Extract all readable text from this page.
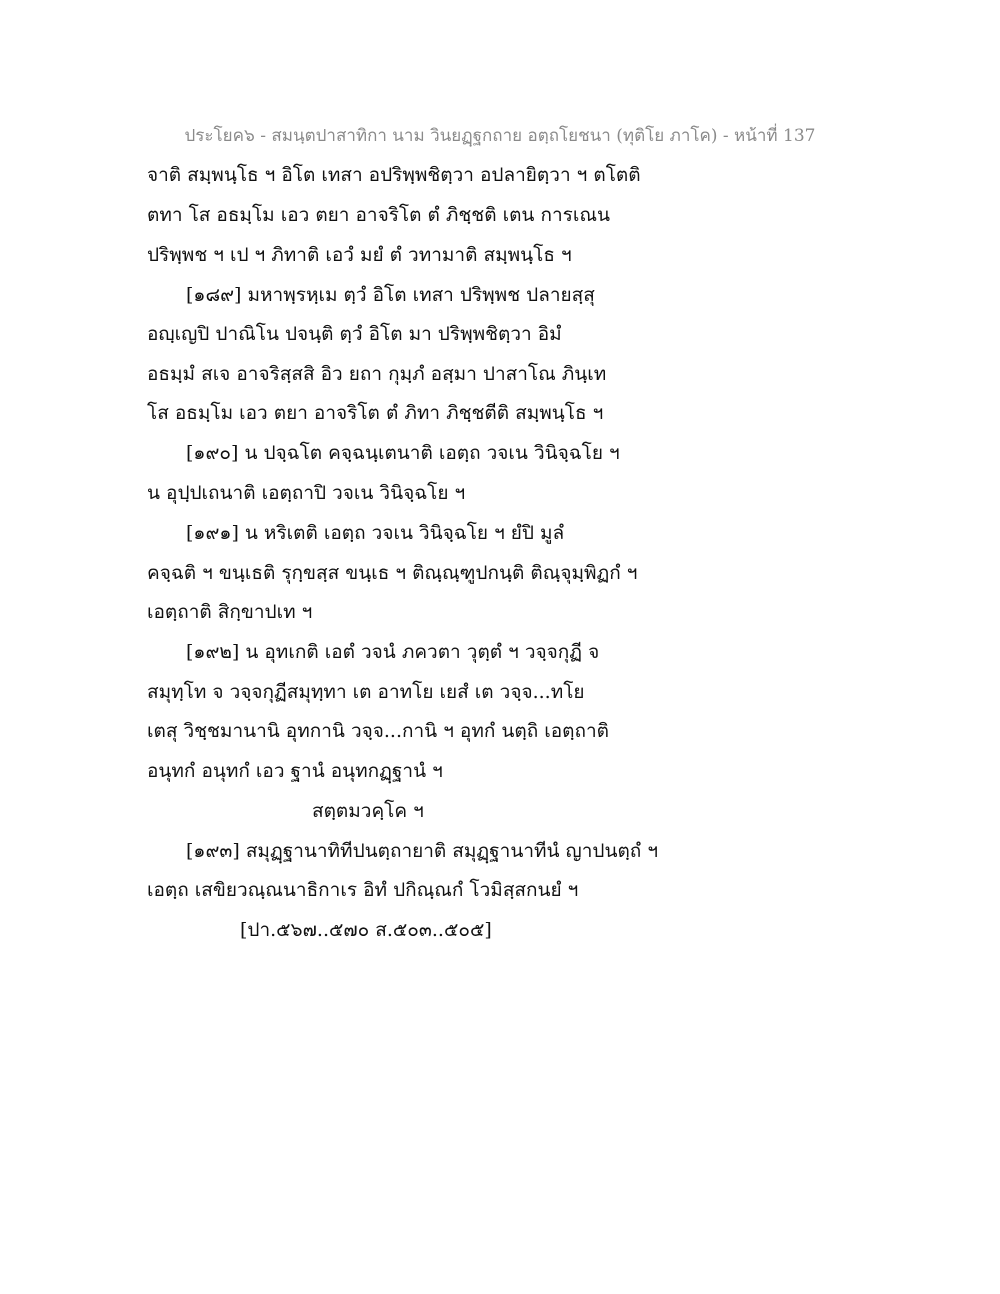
ประโยค๖ - สมนฺตปาสาทิกา นาม วินยฏฺฐกถาย อตฺถโยชนา (ทุติโย ภาโค) - หน้าที่ 137
จาติ สมฺพนฺโธ ฯ อิโต เทสา อปริพฺพชิตฺวา อปลายิตฺวา ฯ ตโตติ
ตทา โส อธมฺโม เอว ตยา อาจริโต ตํ ภิชฺชติ เตน การเณน
ปริพฺพช ฯ เป ฯ ภิทาติ เอวํ มยํ ตํ วทามาติ สมฺพนฺโธ ฯ
[๑๘๙] มหาพฺรหฺเม ตฺวํ อิโต เทสา ปริพฺพช ปลายสฺสุ
อญฺเญปิ ปาณิโน ปจนฺติ ตฺวํ อิโต มา ปริพฺพชิตฺวา อิมํ
อธมฺมํ สเจ อาจริสฺสสิ อิว ยถา กุมฺภํ อสฺมา ปาสาโณ ภินฺเท
โส อธมฺโม เอว ตยา อาจริโต ตํ ภิทา ภิชฺชตีติ สมฺพนฺโธ ฯ
[๑๙๐] น ปจฺฉโต คจฺฉนฺเตนาติ เอตฺถ วจเน วินิจฺฉโย ฯ
น อุปฺปเถนาติ เอตฺถาปิ วจเน วินิจฺฉโย ฯ
[๑๙๑] น หริเตติ เอตฺถ วจเน วินิจฺฉโย ฯ ยํปิ มูลํ
คจฺฉติ ฯ ขนฺเธติ รุกฺขสฺส ขนฺเธ ฯ ติณฺณฺฑูปกนฺติ ติณฺจุมฺพิฏกํ ฯ
เอตฺถาติ สิกฺขาปเท ฯ
[๑๙๒] น อุทเกติ เอตํ วจนํ ภควตา วุตฺตํ ฯ วจฺจกุฏี จ
สมุทฺโท จ วจฺจกุฏีสมุทฺทา เต อาทโย เยสํ เต วจฺจ...ทโย
เตสุ วิชฺชมานานิ อุทกานิ วจฺจ...กานิ ฯ อุทกํ นตฺถิ เอตฺถาติ
อนุทกํ อนุทกํ เอว ฐานํ อนุทกฏฺฐานํ ฯ
สตฺตมวคฺโค ฯ
[๑๙๓] สมุฏฺฐานาทิทีปนตฺถายาติ สมุฏฺฐานาทีนํ ญาปนตฺถํ ฯ
เอตฺถ เสขิยวณฺณนาธิกาเร อิทํ ปกิณฺณกํ โวมิสฺสกนยํ ฯ
[ปา.๕๖๗..๕๗๐ ส.๕๐๓..๕๐๕]
